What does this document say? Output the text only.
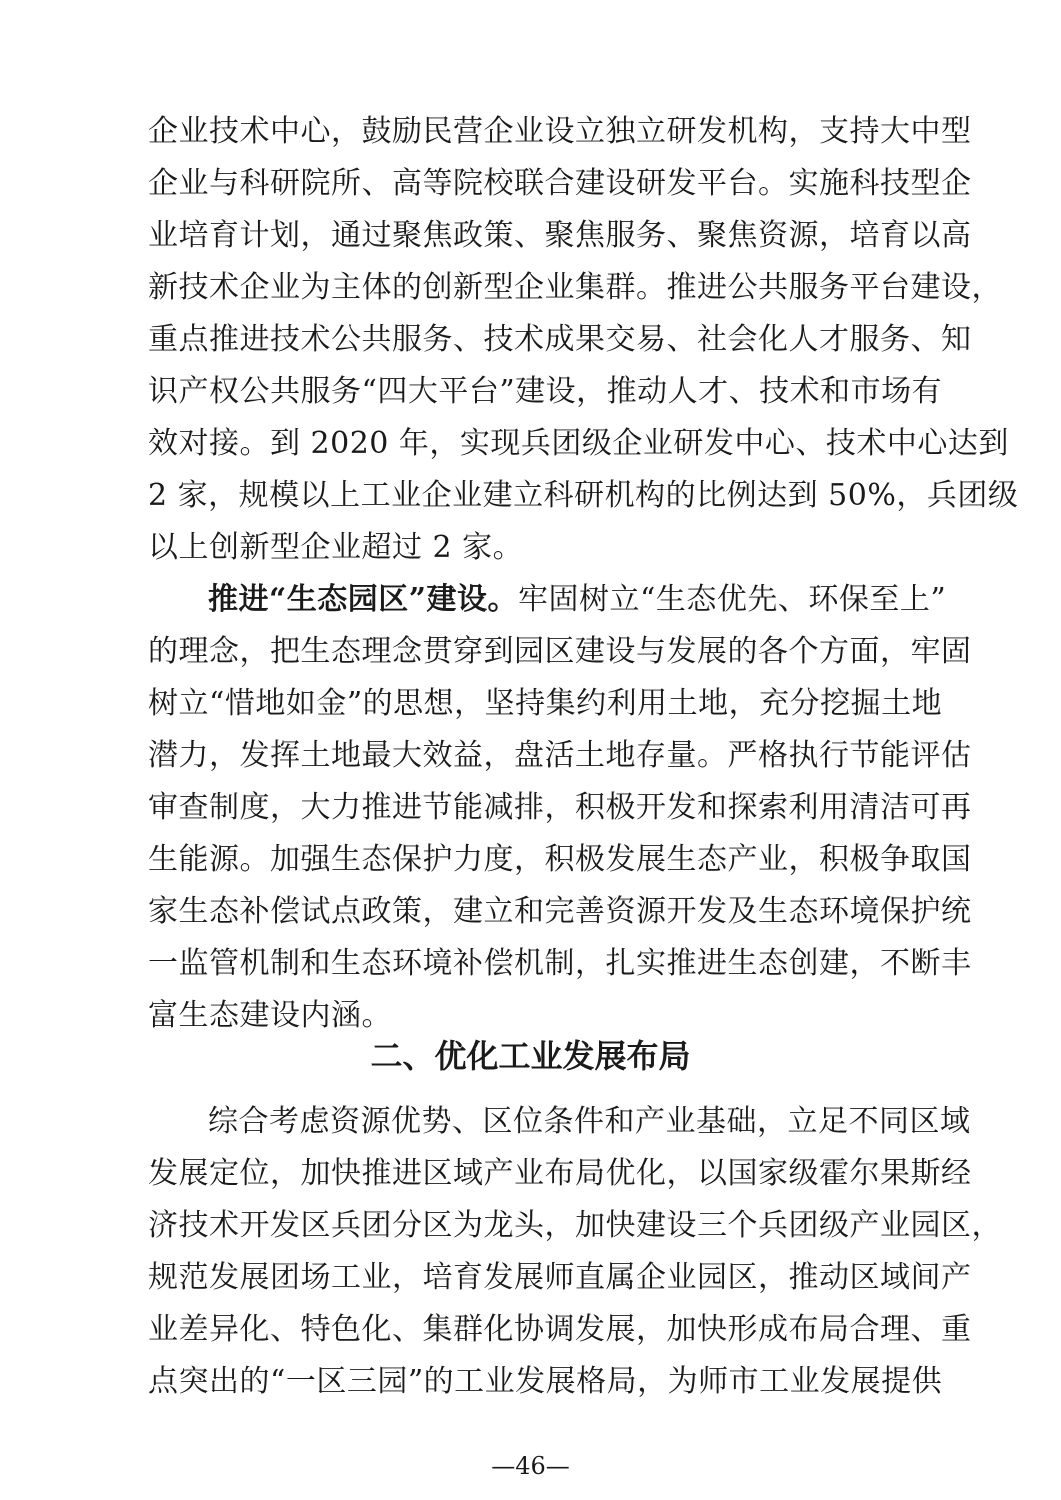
企业技术中心，鼓励民营企业设立独立研发机构，支持大中型
企业与科研院所、高等院校联合建设研发平台。实施科技型企
业培育计划，通过聚焦政策、聚焦服务、聚焦资源，培育以高
新技术企业为主体的创新型企业集群。推进公共服务平台建设，
重点推进技术公共服务、技术成果交易、社会化人才服务、知
识产权公共服务“四大平台”建设，推动人才、技术和市场有
效对接。到 2020 年，实现兵团级企业研发中心、技术中心达到
2 家，规模以上工业企业建立科研机构的比例达到 50%，兵团级
以上创新型企业超过 2 家。
推进“生态园区”建设。牢固树立“生态优先、环保至上”
的理念，把生态理念贯穿到园区建设与发展的各个方面，牢固
树立“惜地如金”的思想，坚持集约利用土地，充分挖掘土地
潜力，发挥土地最大效益，盘活土地存量。严格执行节能评估
审查制度，大力推进节能减排，积极开发和探索利用清洁可再
生能源。加强生态保护力度，积极发展生态产业，积极争取国
家生态补偿试点政策，建立和完善资源开发及生态环境保护统
一监管机制和生态环境补偿机制，扎实推进生态创建，不断丰
富生态建设内涵。
二、优化工业发展布局
综合考虑资源优势、区位条件和产业基础，立足不同区域
发展定位，加快推进区域产业布局优化，以国家级霍尔果斯经
济技术开发区兵团分区为龙头，加快建设三个兵团级产业园区，
规范发展团场工业，培育发展师直属企业园区，推动区域间产
业差异化、特色化、集群化协调发展，加快形成布局合理、重
点突出的“一区三园”的工业发展格局，为师市工业发展提供
—46—
